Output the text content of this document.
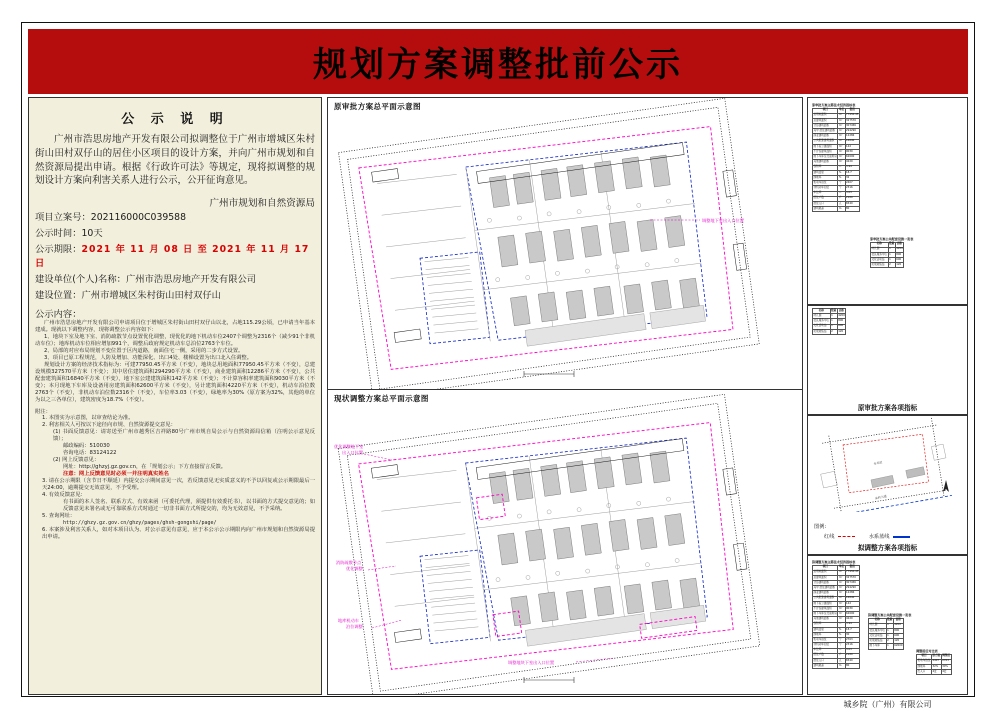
规划方案调整批前公示
公 示 说 明

广州市浩思房地产开发有限公司拟调整位于广州市增城区朱村街山田村双仔山的居住小区项目的设计方案，并向广州市规划和自然资源局提出申请。根据《行政许可法》等规定，现将拟调整的规划设计方案向利害关系人进行公示，公开征询意见。

广州市规划和自然资源局
项目立案号：202116000C039588
公示时间：10天
公示期限：2021 年 11 月 08 日 至 2021 年 11 月 17 日
建设单位(个人)名称：广州市浩思房地产开发有限公司
建设位置：广州市增城区朱村街山田村双仔山
公示内容：
广州市浩思房地产开发有限公司申请项目位于增城区朱村街山田村双仔山以北，占地115.29公顷，已申请当年基本建成。现就以下调整内容，现将调整公示内容如下：
1、地块下室及地下室、消防疏散节点设置优化调整，现优化的地下机动车位2407个调整为2316个（减少91个非机动车位）；地库机动车位相应增加991个，调整后政府规定机动车总泊位2763个车位。
2、局部的对应布局规划不变位置于区内道路，南面住宅一侧，采用的二步方式设置。
3、项目已原工程规范，人防及增加、功能深化、出口4处、楼梯设置为出口北入住调整。
规划设计方案的经济技术指标为：可建77950.45平方米（不变），地块总用地面积77950.45平方米（不变），总建设规模327570平方米（不变）；其中居住建筑面积294290平方米（不变），商业建筑面积12286平方米（不变），公共配套建筑面积16840平方米（不变），地下室公建建筑面积142平方米（不变）；不计算容积率建筑面积9030平方米（不变）；本月现地下车库及设备用房建筑面积62600平方米（不变），另计建筑面积4220平方米（不变），机动车泊位数2763个（不变），非机动车泊位数2316个（不变），车位率3.03（不变），绿地率为30%（原方案为32%，其他的单位为以之三各单位），建筑密度为18.7%（不变）。
附注：
1. 本图实为示意图，以审查结论为准。
2. 利害相关人可按以下途径向市规、自然资源提交意见：
(1) 书面反馈意见：请寄送至广州市越秀区吉祥路80号广州市规自局公示与自然资源局信箱（注明公示意见反馈）；
邮政编码：510030
咨询电话：83124122
(2) 网上反馈意见：
网址：http://ghzyj.gz.gov.cn，在「规划公示」下方直接留言反馈。
注意：网上反馈意见时必须一并注明真实姓名
3. 请在公示期限（含节日不顺延）内提交公示期间意见一次，若反馈意见无实质意义的不予以回复或公示期限最后一天24:00，逾期提交无效意见，不予受理。
4. 有效反馈意见：
有书面的本人签名、联系方式、有效来函（可委托代理，须提供有效委托书），以书面的方式提交意见的；如反馈意见未署名或无可靠联系方式时通过一切非书面方式所提交的，均为无效意见，不予采纳。
5. 查询网址：
http://ghzy.gz.gov.cn/ghzy/pages/ghsh-gongshi/page/
6. 本案涉及利害关系人，如对本项目认为、对公示意见有意见，应于本公示公示期限内向广州市规划和自然资源局提出申请。
原审批方案总平面示意图
调整地下室出入口位置
现状调整方案总平面示意图
优化调整地下室出入口位置
消防疏散节点优化调整
地库机动车泊位调整
调整地块下室出入口位置
原审批方案主要技术经济指标表
项目	单位	数值
总用地面积	m²	77950.45
总建筑面积	m²	327570
计容建筑面积	m²	307456
其中 居住建筑面积	m²	294290
商业建筑面积	m²	12286
公共配套建筑面积	m²	16840
地下室公建面积	m²	142
不计容建筑面积	m²	9030
地下车库及设备用房	m²	62600
其他建筑面积	m²	4220
容积率	—	3.94
建筑密度	%	18.7
绿地率	%	32
机动车泊位	个	2407
非机动车泊位	个	2316
车位率	—	3.03
居住户数	户	2180
居住人口	人	6540
建筑限高	m	80
原审批方案公共配套设施一览表
名称	数量	面积
幼儿园	1	4200
社区服务中心	1	800
文化活动站	1	600
垃圾收集站	2	120
名称	数量	面积
幼儿园	1	4200
社区服务中心	1	800
文化活动站	1	600
垃圾收集站	2	120
原审批方案各项指标
本项目
朱村大道
图例:
红线	水系蓝线
拟调整方案各项指标
拟调整方案主要技术经济指标表
项目	单位	数值
总用地面积	m²	77950.45
总建筑面积	m²	327570
计容建筑面积	m²	307456
其中 居住建筑面积	m²	294290
商业建筑面积	m²	12286
公共配套建筑面积	m²	16840
地下室公建面积	m²	142
不计容建筑面积	m²	9030
地下车库及设备用房	m²	62600
其他建筑面积	m²	4220
容积率	—	3.94
建筑密度	%	18.7
绿地率	%	30
机动车泊位	个	2763
非机动车泊位	个	2316
车位率	—	3.03
居住户数	户	2180
居住人口	人	6540
建筑限高	m	80
拟调整方案公共配套设施一览表
名称	数量	面积
幼儿园	1	4200
社区服务中心	1	800
文化活动站	1	600
垃圾收集站	2	120
地下车库	1	62600
调整前后对比表
项目	原方案	调整后
机动车泊位	2407	2763
绿地率	32%	30%
出入口	4处	4处
城乡院（广州）有限公司
